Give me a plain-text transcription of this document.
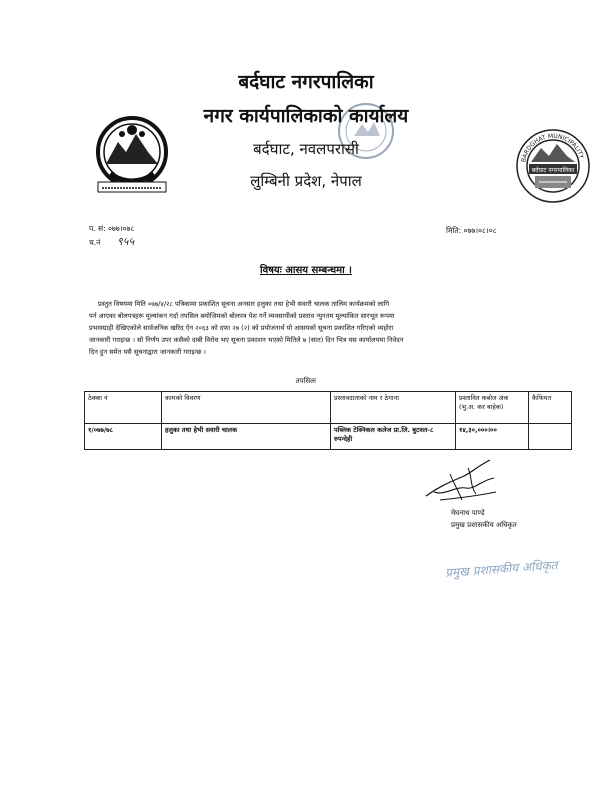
BARDGHAT MUNICIPALITY
बर्दघाट नगरपालिका
बर्दघाट नगरपालिका
नगर कार्यपालिकाको कार्यालय
बर्दघाट, नवलपरासी
लुम्बिनी प्रदेश, नेपाल
प. सं: ०७७।०७८
च.नं ९५५
मिति: ०७७।०८।०८
विषयः आसय सम्बन्धमा ।
प्रस्तुत विषयमा मिति ०७७/४/२८ पत्रिकामा प्रकाशित सूचना अनसार हलुका तथा हेभी सवारी चालक तालिम कार्यक्रमको लागि
पर्न आएका बोलपत्रहरू मूल्यांकन गर्दा तपसिल बमोजिमको बोलपत्र पेश गर्ने व्यवसायीको प्रस्ताव न्युनतम मूल्यांकित सारभूत रूपमा
प्रभावग्राही देखिएकोले सार्वजनिक खरिद ऐन २०६३ को दफा २७ (२) को प्रयोजनार्थ यो आसयको सूचना प्रकाशित गरिएको व्यहोरा
जानकारी गराइन्छ । सो निर्णय उपर कसैको दाबी विरोध भए सूचना प्रकाशन भएको मितिले ७ (सात) दिन भित्र यस कार्यालयमा निवेदन
दिन हुन समेत यसै सूचनाद्वारा जानकारी गराइन्छ ।
तपसिलः
ठेक्का नं	कामको विवरण	प्रस्तावदाताको नाम र ठेगाना	प्रस्तावित कबोल अंक (भु.अ. कर बाहेक)	कैफियत
१/०७७/७८	हलुका तथा हेभी सवारी चालक	पब्लिक टेक्निकल कलेज प्रा.लि. बुटवल-८ रुपन्देही	१४,३०,०००।००	
मेघनाथ पाण्डे
प्रमुख प्रशासकीय अधिकृत
प्रमुख प्रशासकीय अधिकृत
